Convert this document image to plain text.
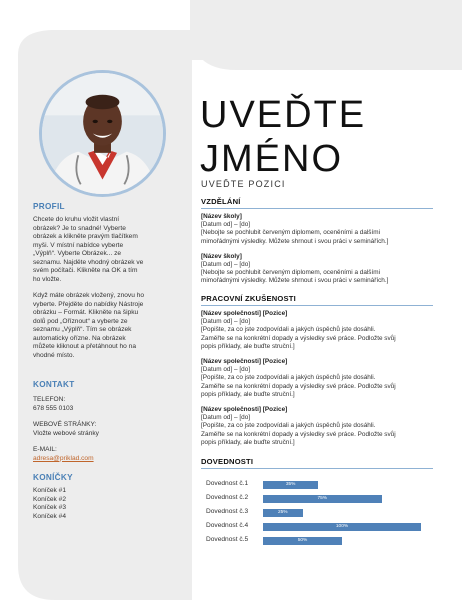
PROFIL
Chcete do kruhu vložit vlastní
obrázek? Je to snadné! Vyberte
obrázek a klikněte pravým tlačítkem
myši. V místní nabídce vyberte
„Výplň“. Vyberte Obrázek... ze
seznamu. Najděte vhodný obrázek ve
svém počítači. Klikněte na OK a tím
ho vložte.
Když máte obrázek vložený, znovu ho
vyberte. Přejděte do nabídky Nástroje
obrázku – Formát. Klikněte na šipku
dolů pod „Oříznout“ a vyberte ze
seznamu „Výplň“. Tím se obrázek
automaticky ořízne. Na obrázek
můžete kliknout a přetáhnout ho na
vhodné místo.
KONTAKT
TELEFON:
678 555 0103
WEBOVÉ STRÁNKY:
Vložte webové stránky
E-MAIL:
adresa@priklad.com
KONÍČKY
Koníček #1
Koníček #2
Koníček #3
Koníček #4
UVEĎTE
JMÉNO
UVEĎTE POZICI
VZDĚLÁNÍ
[Název školy]
[Datum od] – [do]
[Nebojte se pochlubit červeným diplomem, oceněními a dalšími
mimořádnými výsledky. Můžete shrnout i svou práci v seminářích.]
[Název školy]
[Datum od] – [do]
[Nebojte se pochlubit červeným diplomem, oceněními a dalšími
mimořádnými výsledky. Můžete shrnout i svou práci v seminářích.]
PRACOVNÍ ZKUŠENOSTI
[Název společnosti] [Pozice]
[Datum od] – [do]
[Popište, za co jste zodpovídali a jakých úspěchů jste dosáhli.
Zaměřte se na konkrétní dopady a výsledky své práce. Podložte svůj
popis příklady, ale buďte struční.]
[Název společnosti] [Pozice]
[Datum od] – [do]
[Popište, za co jste zodpovídali a jakých úspěchů jste dosáhli.
Zaměřte se na konkrétní dopady a výsledky své práce. Podložte svůj
popis příklady, ale buďte struční.]
[Název společnosti] [Pozice]
[Datum od] – [do]
[Popište, za co jste zodpovídali a jakých úspěchů jste dosáhli.
Zaměřte se na konkrétní dopady a výsledky své práce. Podložte svůj
popis příklady, ale buďte struční.]
DOVEDNOSTI
Dovednost č.1	35%
Dovednost č.2	75%
Dovednost č.3	25%
Dovednost č.4	100%
Dovednost č.5	50%
